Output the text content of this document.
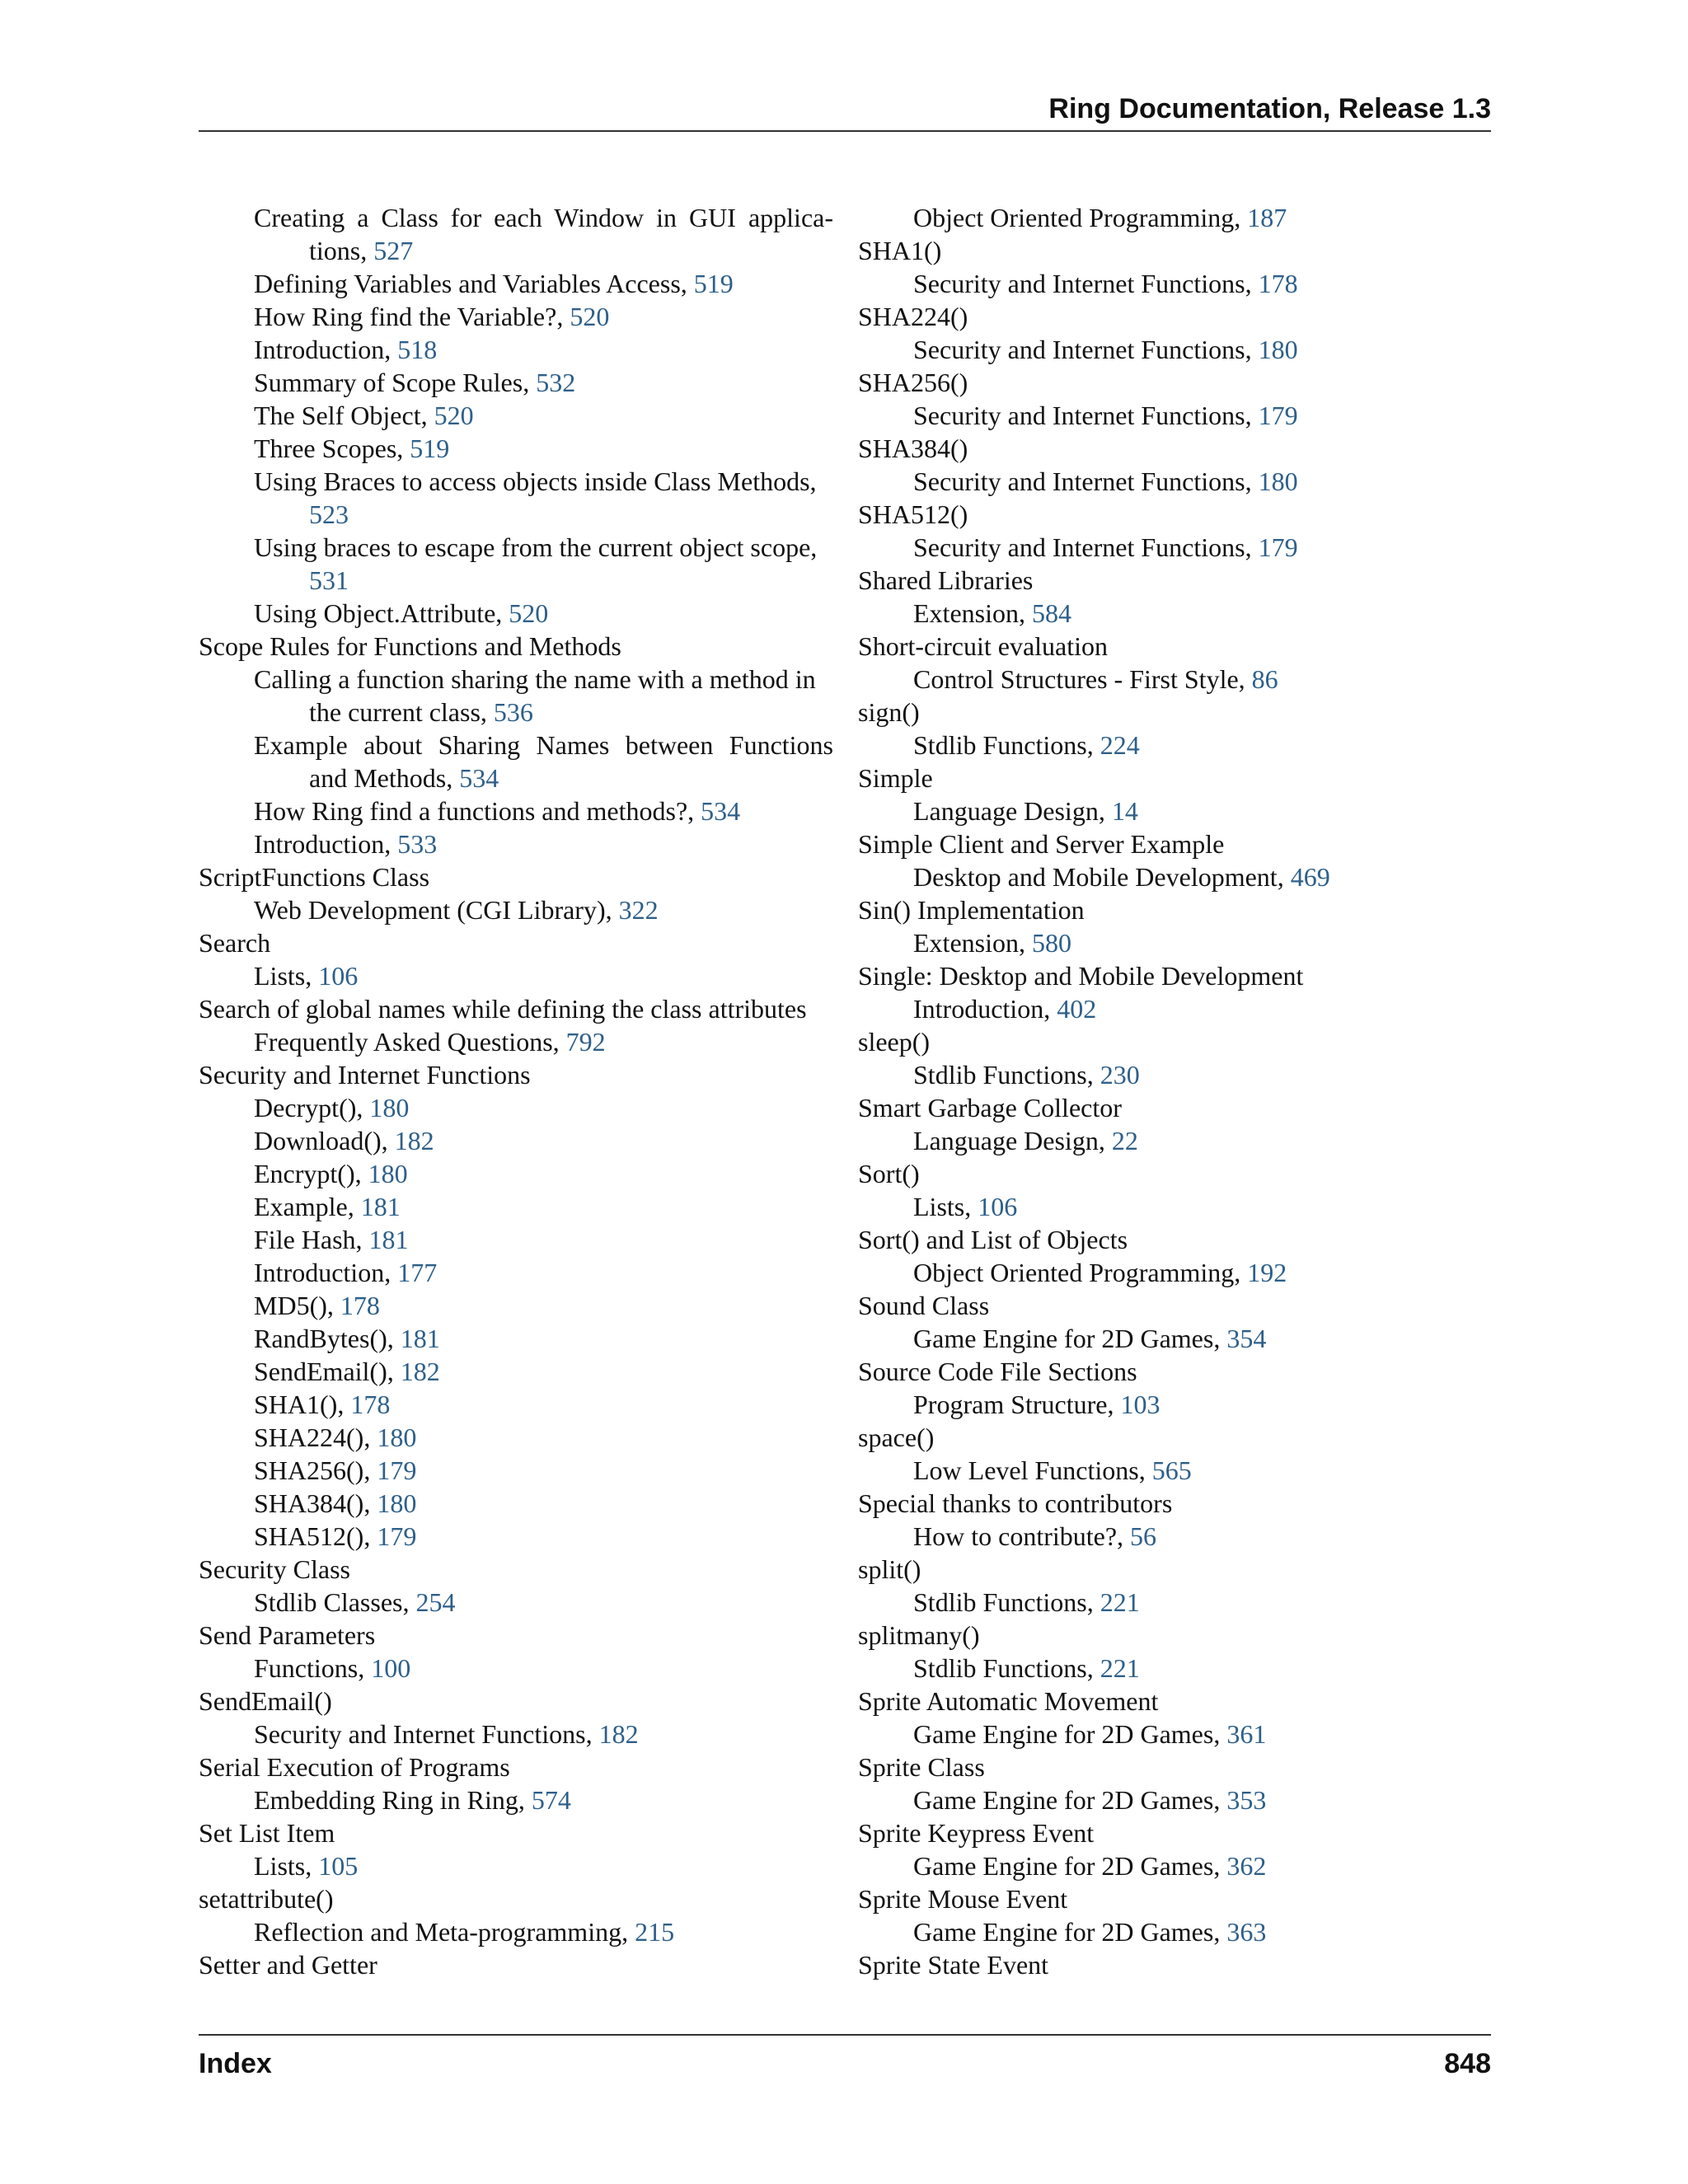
Ring Documentation, Release 1.3
Creating a Class for each Window in GUI applica-
tions, 527
Defining Variables and Variables Access, 519
How Ring find the Variable?, 520
Introduction, 518
Summary of Scope Rules, 532
The Self Object, 520
Three Scopes, 519
Using Braces to access objects inside Class Methods,
523
Using braces to escape from the current object scope,
531
Using Object.Attribute, 520
Scope Rules for Functions and Methods
Calling a function sharing the name with a method in
the current class, 536
Example about Sharing Names between Functions
and Methods, 534
How Ring find a functions and methods?, 534
Introduction, 533
ScriptFunctions Class
Web Development (CGI Library), 322
Search
Lists, 106
Search of global names while defining the class attributes
Frequently Asked Questions, 792
Security and Internet Functions
Decrypt(), 180
Download(), 182
Encrypt(), 180
Example, 181
File Hash, 181
Introduction, 177
MD5(), 178
RandBytes(), 181
SendEmail(), 182
SHA1(), 178
SHA224(), 180
SHA256(), 179
SHA384(), 180
SHA512(), 179
Security Class
Stdlib Classes, 254
Send Parameters
Functions, 100
SendEmail()
Security and Internet Functions, 182
Serial Execution of Programs
Embedding Ring in Ring, 574
Set List Item
Lists, 105
setattribute()
Reflection and Meta-programming, 215
Setter and Getter
Object Oriented Programming, 187
SHA1()
Security and Internet Functions, 178
SHA224()
Security and Internet Functions, 180
SHA256()
Security and Internet Functions, 179
SHA384()
Security and Internet Functions, 180
SHA512()
Security and Internet Functions, 179
Shared Libraries
Extension, 584
Short-circuit evaluation
Control Structures - First Style, 86
sign()
Stdlib Functions, 224
Simple
Language Design, 14
Simple Client and Server Example
Desktop and Mobile Development, 469
Sin() Implementation
Extension, 580
Single: Desktop and Mobile Development
Introduction, 402
sleep()
Stdlib Functions, 230
Smart Garbage Collector
Language Design, 22
Sort()
Lists, 106
Sort() and List of Objects
Object Oriented Programming, 192
Sound Class
Game Engine for 2D Games, 354
Source Code File Sections
Program Structure, 103
space()
Low Level Functions, 565
Special thanks to contributors
How to contribute?, 56
split()
Stdlib Functions, 221
splitmany()
Stdlib Functions, 221
Sprite Automatic Movement
Game Engine for 2D Games, 361
Sprite Class
Game Engine for 2D Games, 353
Sprite Keypress Event
Game Engine for 2D Games, 362
Sprite Mouse Event
Game Engine for 2D Games, 363
Sprite State Event
Index	848
